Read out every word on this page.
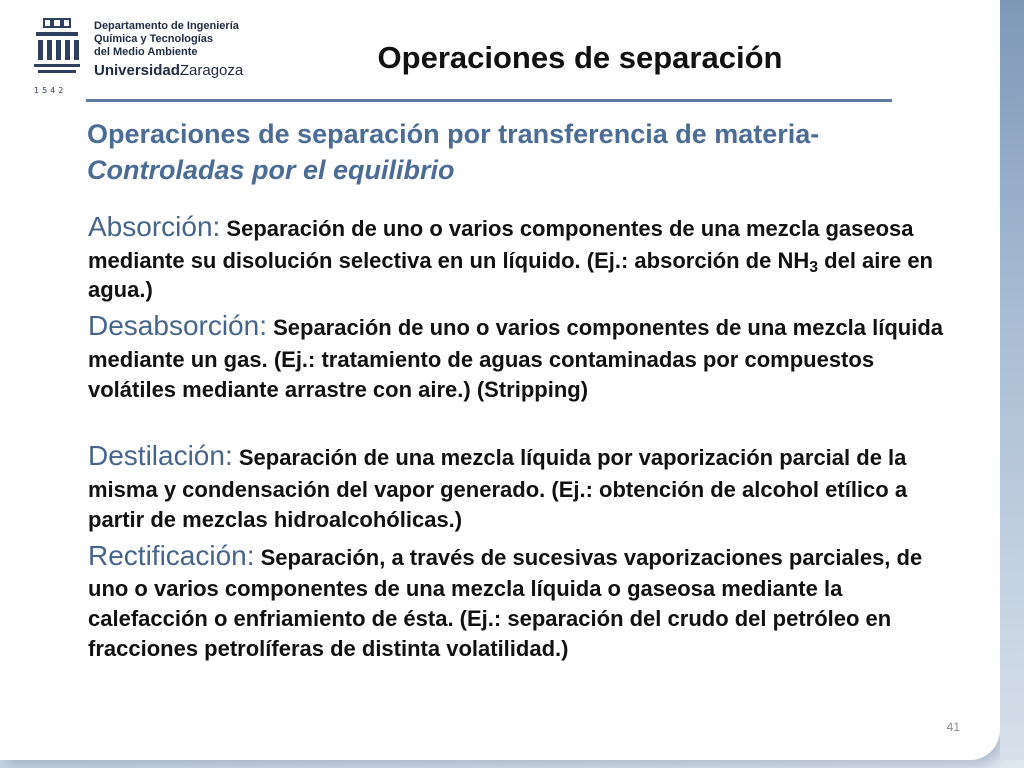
1542
Departamento de Ingeniería
Química y Tecnologías
del Medio Ambiente
UniversidadZaragoza	Operaciones de separación
Operaciones de separación por transferencia de materia-
Controladas por el equilibrio
Absorción: Separación de uno o varios componentes de una mezcla gaseosa mediante su disolución selectiva en un líquido. (Ej.: absorción de $NH_3$ del aire en agua.)
Desabsorción: Separación de uno o varios componentes de una mezcla líquida mediante un gas. (Ej.: tratamiento de aguas contaminadas por compuestos volátiles mediante arrastre con aire.) (Stripping)
Destilación: Separación de una mezcla líquida por vaporización parcial de la misma y condensación del vapor generado. (Ej.: obtención de alcohol etílico a partir de mezclas hidroalcohólicas.)
Rectificación: Separación, a través de sucesivas vaporizaciones parciales, de uno o varios componentes de una mezcla líquida o gaseosa mediante la calefacción o enfriamiento de ésta. (Ej.: separación del crudo del petróleo en fracciones petrolíferas de distinta volatilidad.)
41
